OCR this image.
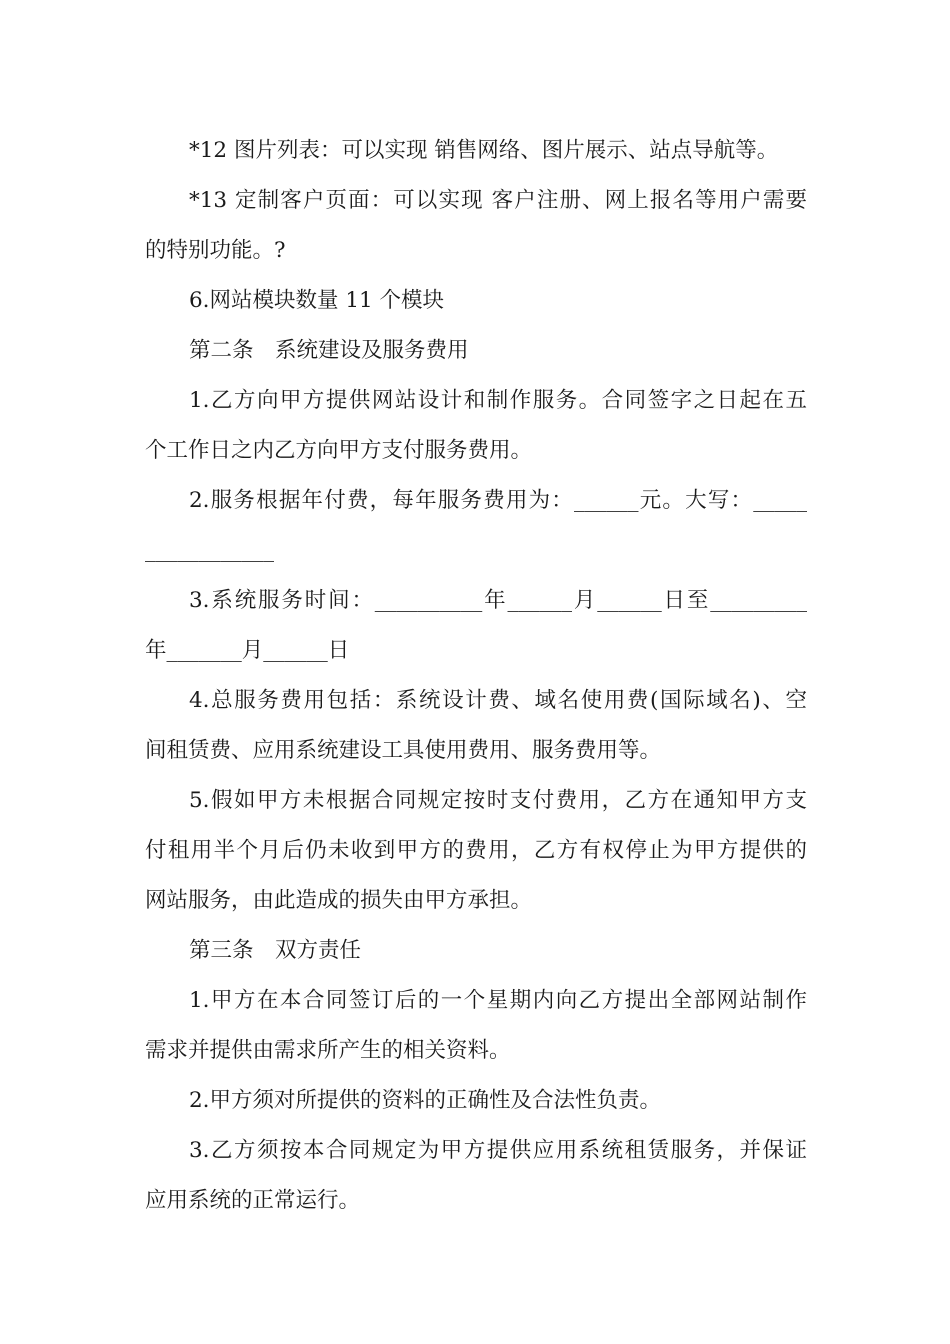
*12 图片列表：可以实现 销售网络、图片展示、站点导航等。
*13 定制客户页面：可以实现 客户注册、网上报名等用户需要
的特别功能。?
6.网站模块数量 11 个模块
第二条　系统建设及服务费用
1.乙方向甲方提供网站设计和制作服务。合同签字之日起在五
个工作日之内乙方向甲方支付服务费用。
2.服务根据年付费，每年服务费用为：______元。大写：_____
____________
3.系统服务时间：__________年______月______日至_________
年_______月______日
4.总服务费用包括：系统设计费、域名使用费(国际域名)、空
间租赁费、应用系统建设工具使用费用、服务费用等。
5.假如甲方未根据合同规定按时支付费用，乙方在通知甲方支
付租用半个月后仍未收到甲方的费用，乙方有权停止为甲方提供的
网站服务，由此造成的损失由甲方承担。
第三条　双方责任
1.甲方在本合同签订后的一个星期内向乙方提出全部网站制作
需求并提供由需求所产生的相关资料。
2.甲方须对所提供的资料的正确性及合法性负责。
3.乙方须按本合同规定为甲方提供应用系统租赁服务，并保证
应用系统的正常运行。
